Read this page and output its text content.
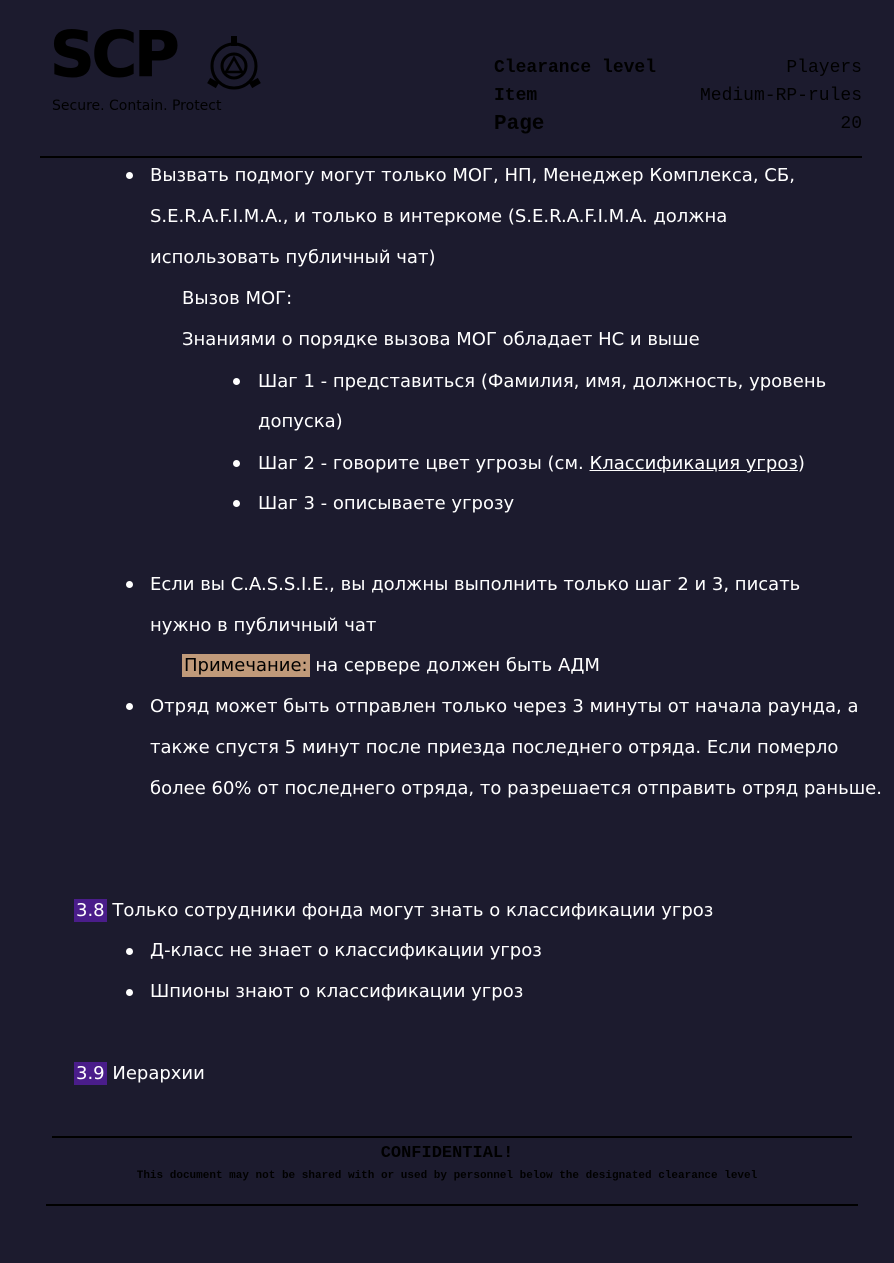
SCP
Secure. Contain. Protect
Clearance level	Players
Item	Medium-RP-rules
Page	20
Вызвать подмогу могут только МОГ, НП, Менеджер Комплекса, СБ,
S.E.R.A.F.I.M.A., и только в интеркоме (S.E.R.A.F.I.M.A. должна
использовать публичный чат)
Вызов МОГ:
Знаниями о порядке вызова МОГ обладает НС и выше
Шаг 1 - представиться (Фамилия, имя, должность, уровень
допуска)
Шаг 2 - говорите цвет угрозы (см. Классификация угроз)
Шаг 3 - описываете угрозу
Если вы C.A.S.S.I.E., вы должны выполнить только шаг 2 и 3, писать
нужно в публичный чат
Примечание: на сервере должен быть АДМ
Отряд может быть отправлен только через 3 минуты от начала раунда, а
также спустя 5 минут после приезда последнего отряда. Если померло
более 60% от последнего отряда, то разрешается отправить отряд раньше.
3.8 Только сотрудники фонда могут знать о классификации угроз
Д-класс не знает о классификации угроз
Шпионы знают о классификации угроз
3.9 Иерархии
CONFIDENTIAL!
This document may not be shared with or used by personnel below the designated clearance level
